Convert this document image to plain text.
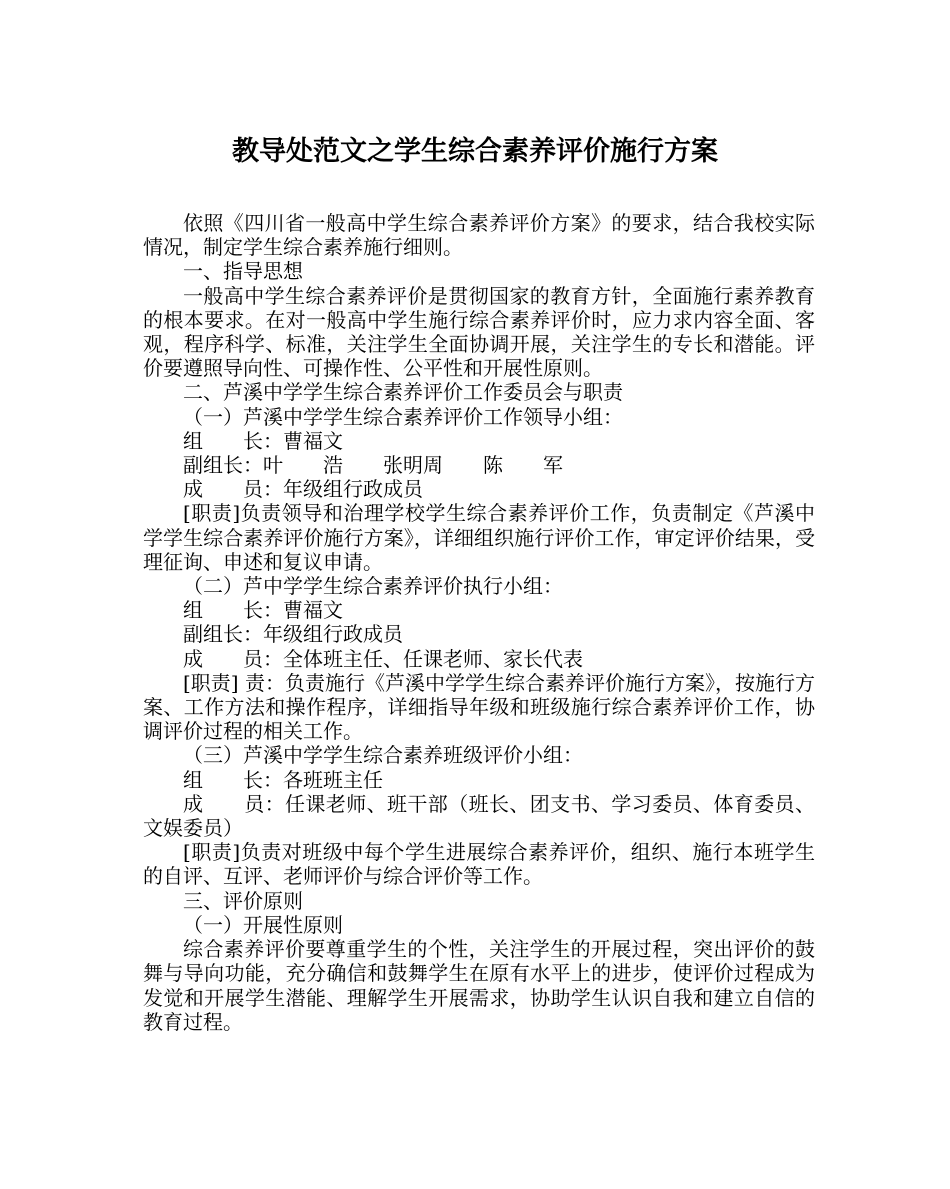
教导处范文之学生综合素养评价施行方案

依照《四川省一般高中学生综合素养评价方案》的要求，结合我校实际情况，制定学生综合素养施行细则。

一、指导思想

一般高中学生综合素养评价是贯彻国家的教育方针，全面施行素养教育的根本要求。在对一般高中学生施行综合素养评价时，应力求内容全面、客观，程序科学、标准，关注学生全面协调开展，关注学生的专长和潜能。评价要遵照导向性、可操作性、公平性和开展性原则。

二、芦溪中学学生综合素养评价工作委员会与职责

（一）芦溪中学学生综合素养评价工作领导小组：

组　　长：曹福文

副组长：叶　　浩　　张明周　　陈　　军

成　　员：年级组行政成员

[职责]负责领导和治理学校学生综合素养评价工作，负责制定《芦溪中学学生综合素养评价施行方案》，详细组织施行评价工作，审定评价结果，受理征询、申述和复议申请。

（二）芦中学学生综合素养评价执行小组：

组　　长：曹福文

副组长：年级组行政成员

成　　员：全体班主任、任课老师、家长代表

[职责] 责：负责施行《芦溪中学学生综合素养评价施行方案》，按施行方案、工作方法和操作程序，详细指导年级和班级施行综合素养评价工作，协调评价过程的相关工作。

（三）芦溪中学学生综合素养班级评价小组：

组　　长：各班班主任

成　　员：任课老师、班干部（班长、团支书、学习委员、体育委员、文娱委员）

[职责]负责对班级中每个学生进展综合素养评价，组织、施行本班学生的自评、互评、老师评价与综合评价等工作。

三、评价原则

（一）开展性原则

综合素养评价要尊重学生的个性，关注学生的开展过程，突出评价的鼓舞与导向功能，充分确信和鼓舞学生在原有水平上的进步，使评价过程成为发觉和开展学生潜能、理解学生开展需求，协助学生认识自我和建立自信的教育过程。
